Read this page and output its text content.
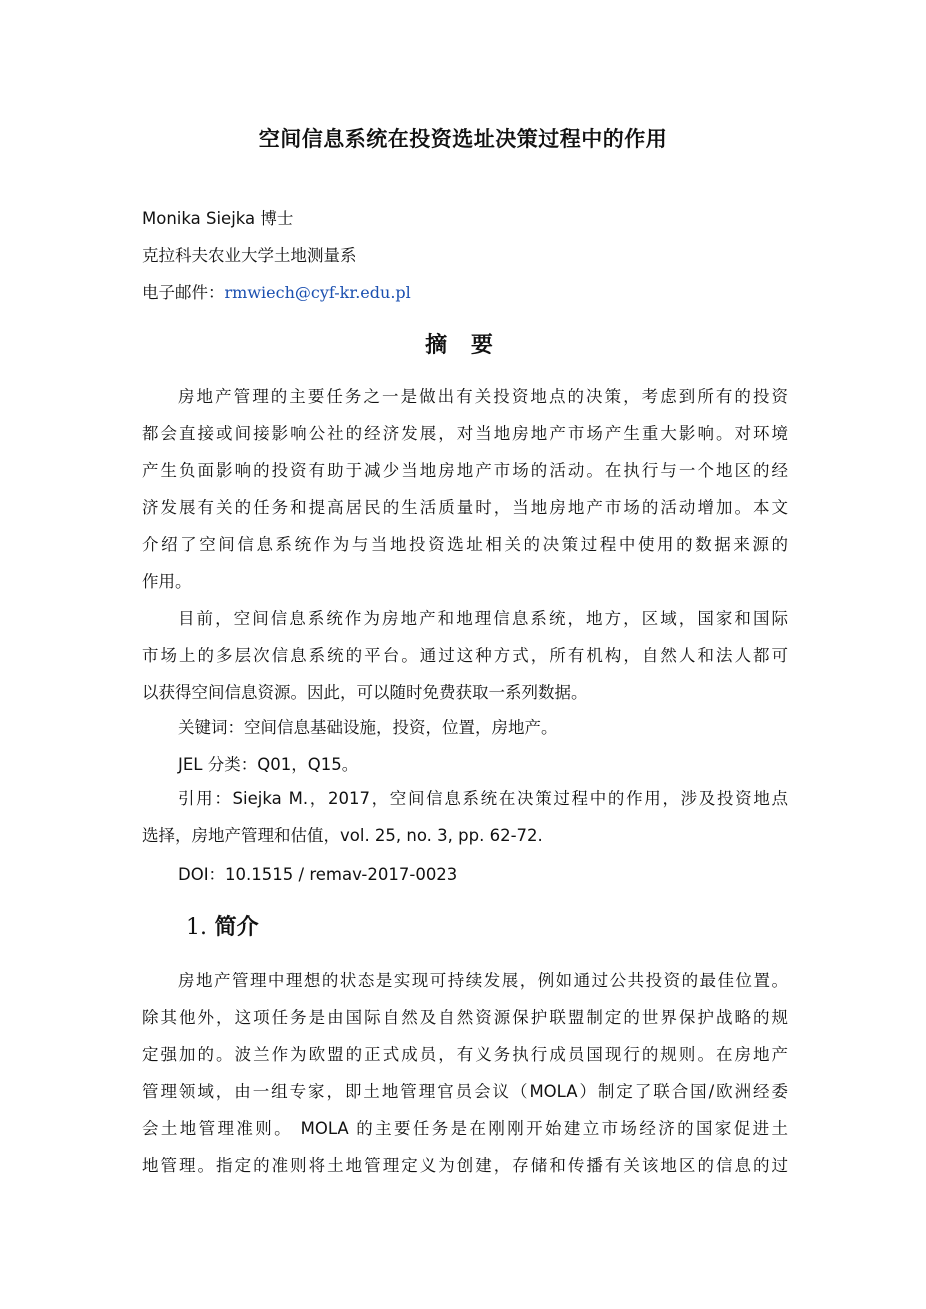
空间信息系统在投资选址决策过程中的作用
Monika Siejka 博士
克拉科夫农业大学土地测量系
电子邮件：rmwiech@cyf-kr.edu.pl
摘 要
房地产管理的主要任务之一是做出有关投资地点的决策，考虑到所有的投资
都会直接或间接影响公社的经济发展，对当地房地产市场产生重大影响。对环境
产生负面影响的投资有助于减少当地房地产市场的活动。在执行与一个地区的经
济发展有关的任务和提高居民的生活质量时，当地房地产市场的活动增加。本文
介绍了空间信息系统作为与当地投资选址相关的决策过程中使用的数据来源的
作用。
目前，空间信息系统作为房地产和地理信息系统，地方，区域，国家和国际
市场上的多层次信息系统的平台。通过这种方式，所有机构，自然人和法人都可
以获得空间信息资源。因此，可以随时免费获取一系列数据。
关键词：空间信息基础设施，投资，位置，房地产。
JEL 分类：Q01，Q15。
引用：Siejka M.，2017，空间信息系统在决策过程中的作用，涉及投资地点
选择，房地产管理和估值，vol. 25, no. 3, pp. 62-72.
DOI：10.1515 / remav-2017-0023
1. 简介
房地产管理中理想的状态是实现可持续发展，例如通过公共投资的最佳位置。
除其他外，这项任务是由国际自然及自然资源保护联盟制定的世界保护战略的规
定强加的。波兰作为欧盟的正式成员，有义务执行成员国现行的规则。在房地产
管理领域，由一组专家，即土地管理官员会议（MOLA）制定了联合国/欧洲经委
会土地管理准则。 MOLA 的主要任务是在刚刚开始建立市场经济的国家促进土
地管理。指定的准则将土地管理定义为创建，存储和传播有关该地区的信息的过
